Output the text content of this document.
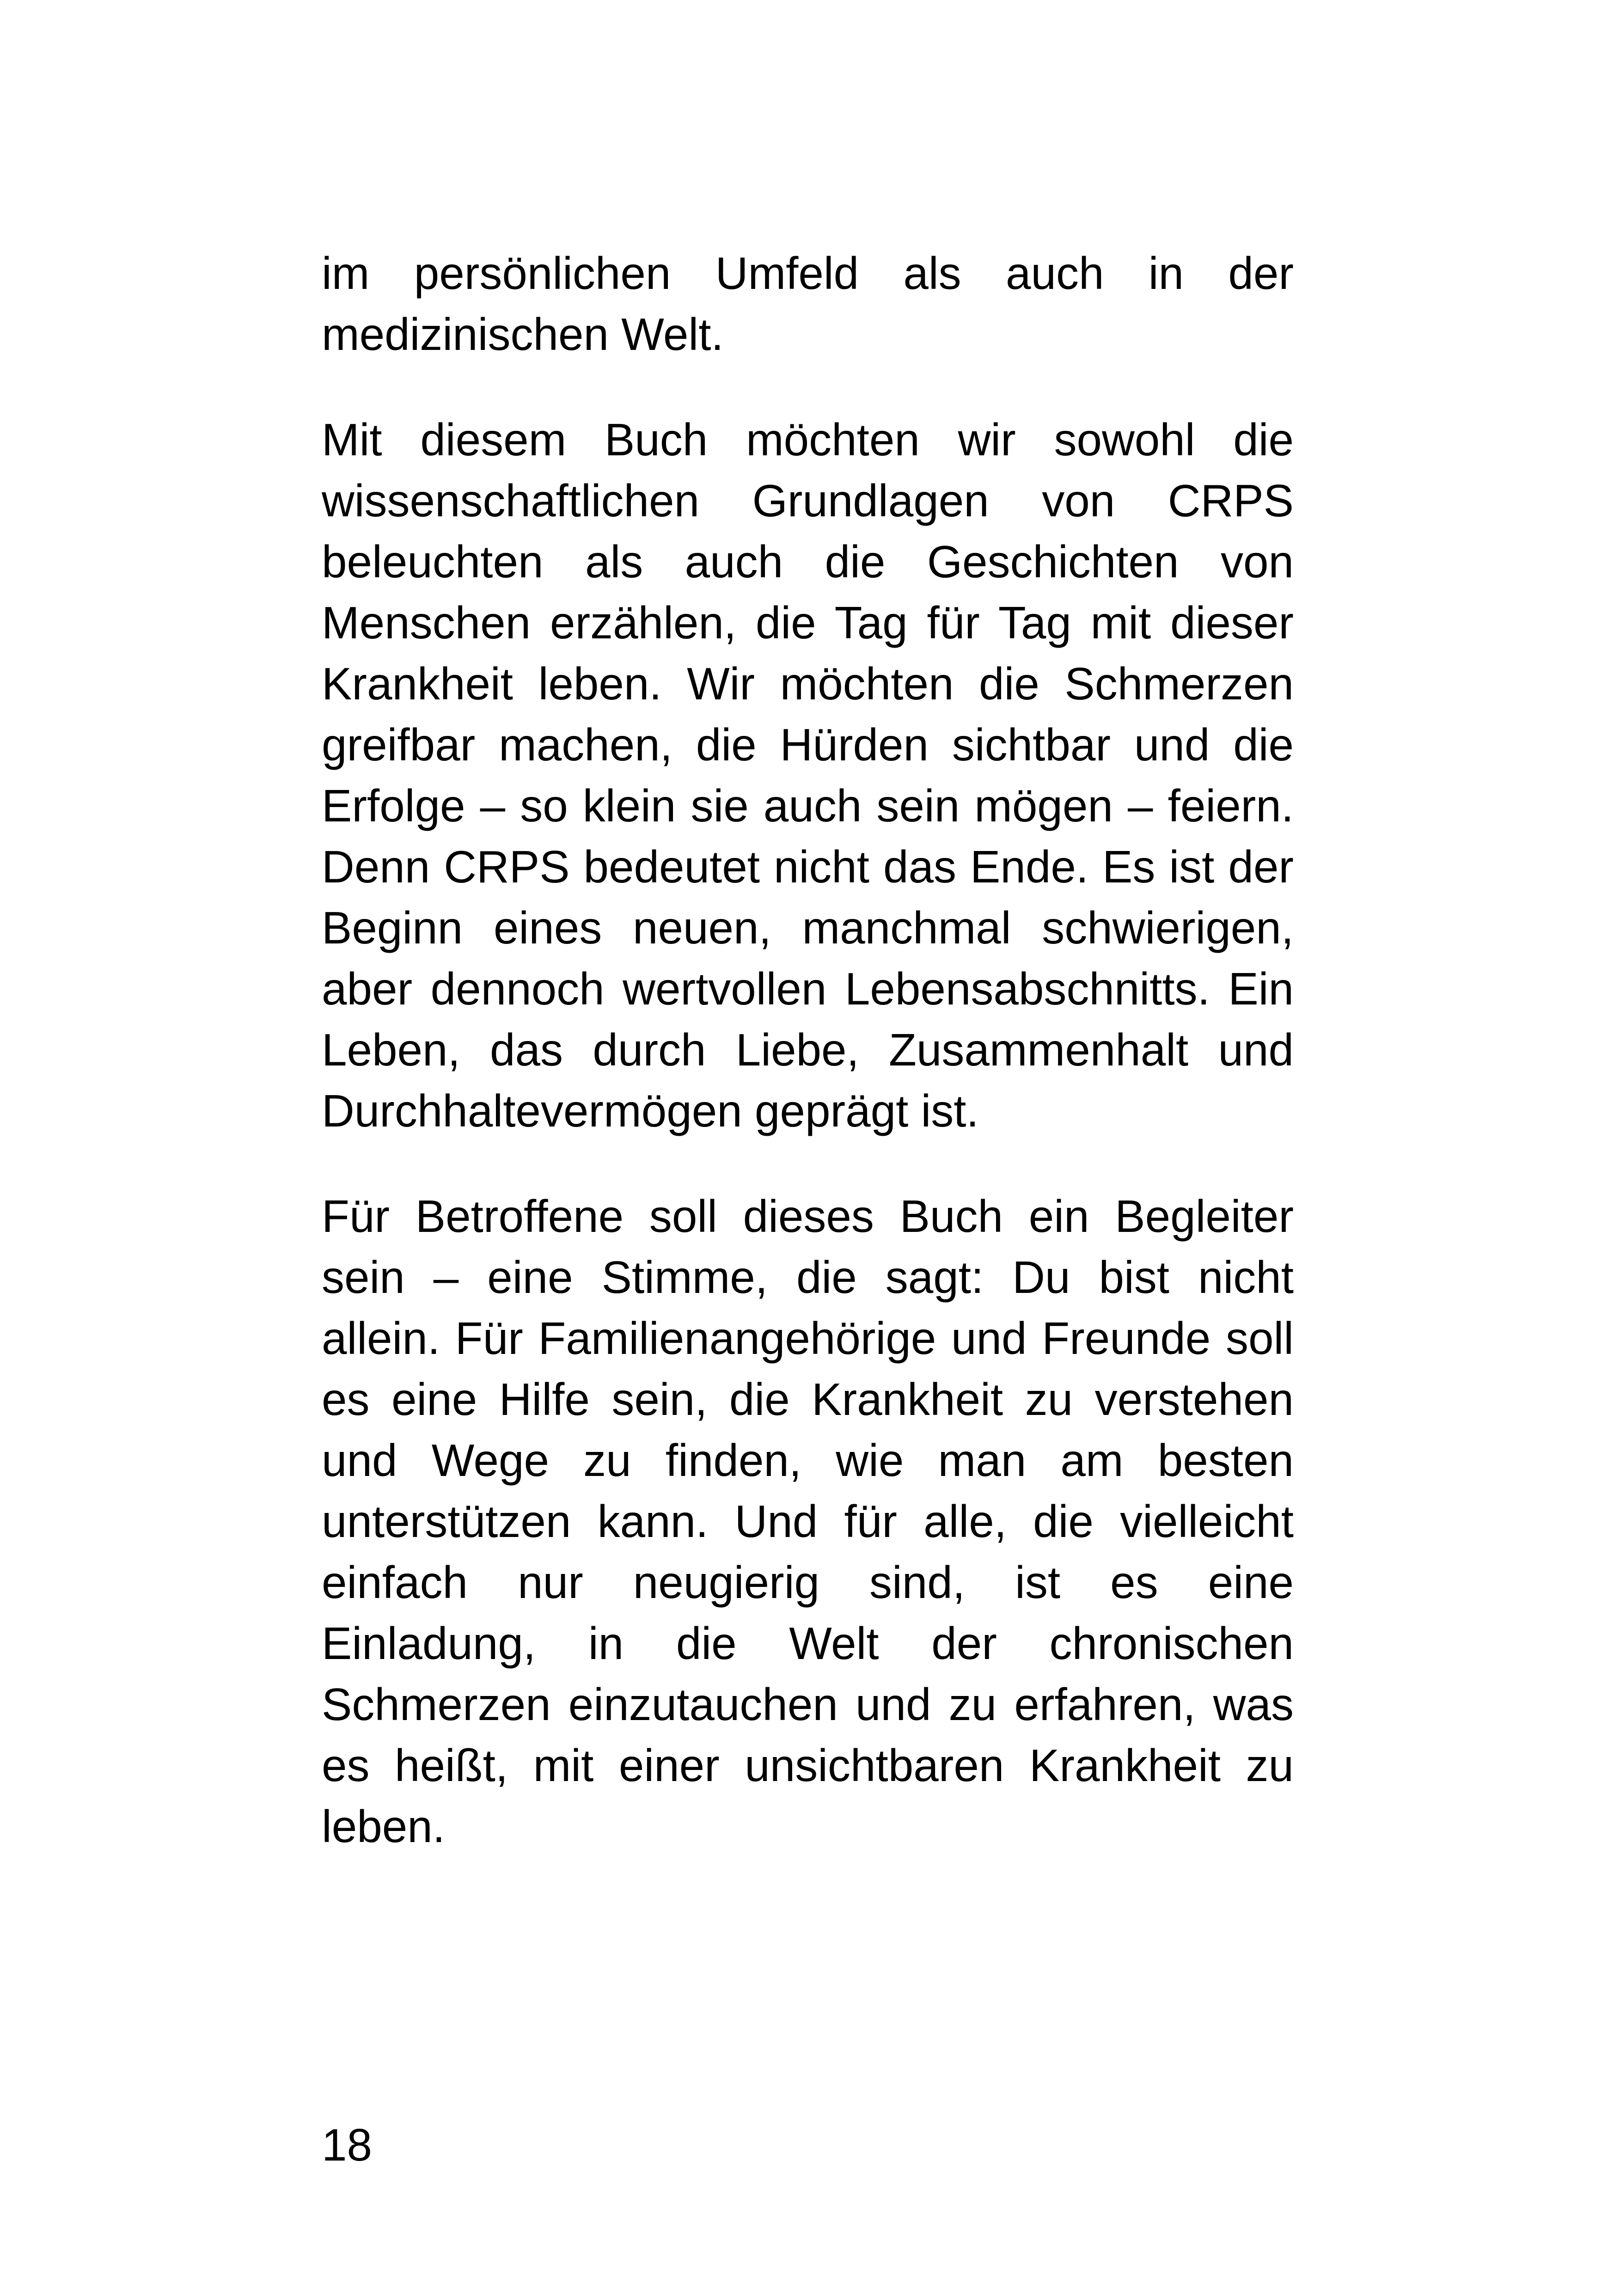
im persönlichen Umfeld als auch in der medizinischen Welt.

Mit diesem Buch möchten wir sowohl die wissenschaftlichen Grundlagen von CRPS beleuchten als auch die Geschichten von Menschen erzählen, die Tag für Tag mit dieser Krankheit leben. Wir möchten die Schmerzen greifbar machen, die Hürden sichtbar und die Erfolge – so klein sie auch sein mögen – feiern. Denn CRPS bedeutet nicht das Ende. Es ist der Beginn eines neuen, manchmal schwierigen, aber dennoch wertvollen Lebensabschnitts. Ein Leben, das durch Liebe, Zusammenhalt und Durchhaltevermögen geprägt ist.

Für Betroffene soll dieses Buch ein Begleiter sein – eine Stimme, die sagt: Du bist nicht allein. Für Familienangehörige und Freunde soll es eine Hilfe sein, die Krankheit zu verstehen und Wege zu finden, wie man am besten unterstützen kann. Und für alle, die vielleicht einfach nur neugierig sind, ist es eine Einladung, in die Welt der chronischen Schmerzen einzutauchen und zu erfahren, was es heißt, mit einer unsichtbaren Krankheit zu leben.

18
